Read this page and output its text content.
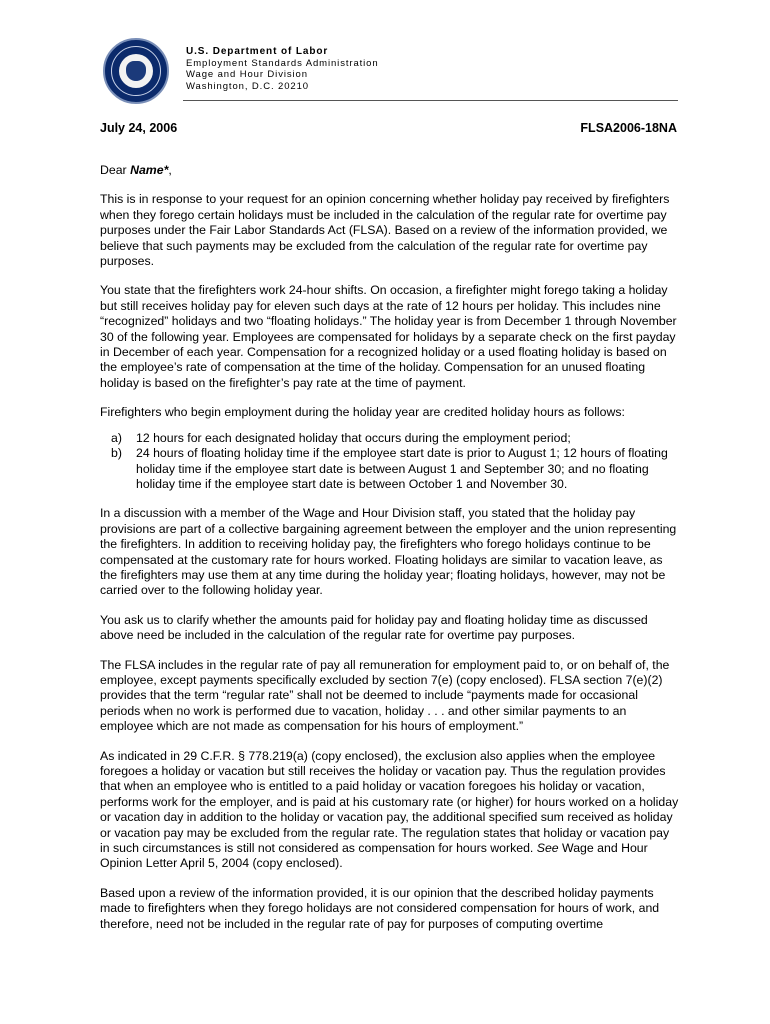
U.S. Department of Labor
Employment Standards Administration
Wage and Hour Division
Washington, D.C. 20210
July 24, 2006	FLSA2006-18NA

Dear Name*,

This is in response to your request for an opinion concerning whether holiday pay received by firefighters when they forego certain holidays must be included in the calculation of the regular rate for overtime pay purposes under the Fair Labor Standards Act (FLSA). Based on a review of the information provided, we believe that such payments may be excluded from the calculation of the regular rate for overtime pay purposes.

You state that the firefighters work 24-hour shifts. On occasion, a firefighter might forego taking a holiday but still receives holiday pay for eleven such days at the rate of 12 hours per holiday. This includes nine “recognized” holidays and two “floating holidays.” The holiday year is from December 1 through November 30 of the following year. Employees are compensated for holidays by a separate check on the first payday in December of each year. Compensation for a recognized holiday or a used floating holiday is based on the employee’s rate of compensation at the time of the holiday. Compensation for an unused floating holiday is based on the firefighter’s pay rate at the time of payment.

Firefighters who begin employment during the holiday year are credited holiday hours as follows:

a)	12 hours for each designated holiday that occurs during the employment period;
b)	24 hours of floating holiday time if the employee start date is prior to August 1; 12 hours of floating holiday time if the employee start date is between August 1 and September 30; and no floating holiday time if the employee start date is between October 1 and November 30.

In a discussion with a member of the Wage and Hour Division staff, you stated that the holiday pay provisions are part of a collective bargaining agreement between the employer and the union representing the firefighters. In addition to receiving holiday pay, the firefighters who forego holidays continue to be compensated at the customary rate for hours worked. Floating holidays are similar to vacation leave, as the firefighters may use them at any time during the holiday year; floating holidays, however, may not be carried over to the following holiday year.

You ask us to clarify whether the amounts paid for holiday pay and floating holiday time as discussed above need be included in the calculation of the regular rate for overtime pay purposes.

The FLSA includes in the regular rate of pay all remuneration for employment paid to, or on behalf of, the employee, except payments specifically excluded by section 7(e) (copy enclosed). FLSA section 7(e)(2) provides that the term “regular rate” shall not be deemed to include “payments made for occasional periods when no work is performed due to vacation, holiday . . . and other similar payments to an employee which are not made as compensation for his hours of employment.”

As indicated in 29 C.F.R. § 778.219(a) (copy enclosed), the exclusion also applies when the employee foregoes a holiday or vacation but still receives the holiday or vacation pay. Thus the regulation provides that when an employee who is entitled to a paid holiday or vacation foregoes his holiday or vacation, performs work for the employer, and is paid at his customary rate (or higher) for hours worked on a holiday or vacation day in addition to the holiday or vacation pay, the additional specified sum received as holiday or vacation pay may be excluded from the regular rate. The regulation states that holiday or vacation pay in such circumstances is still not considered as compensation for hours worked. See Wage and Hour Opinion Letter April 5, 2004 (copy enclosed).

Based upon a review of the information provided, it is our opinion that the described holiday payments made to firefighters when they forego holidays are not considered compensation for hours of work, and therefore, need not be included in the regular rate of pay for purposes of computing overtime
